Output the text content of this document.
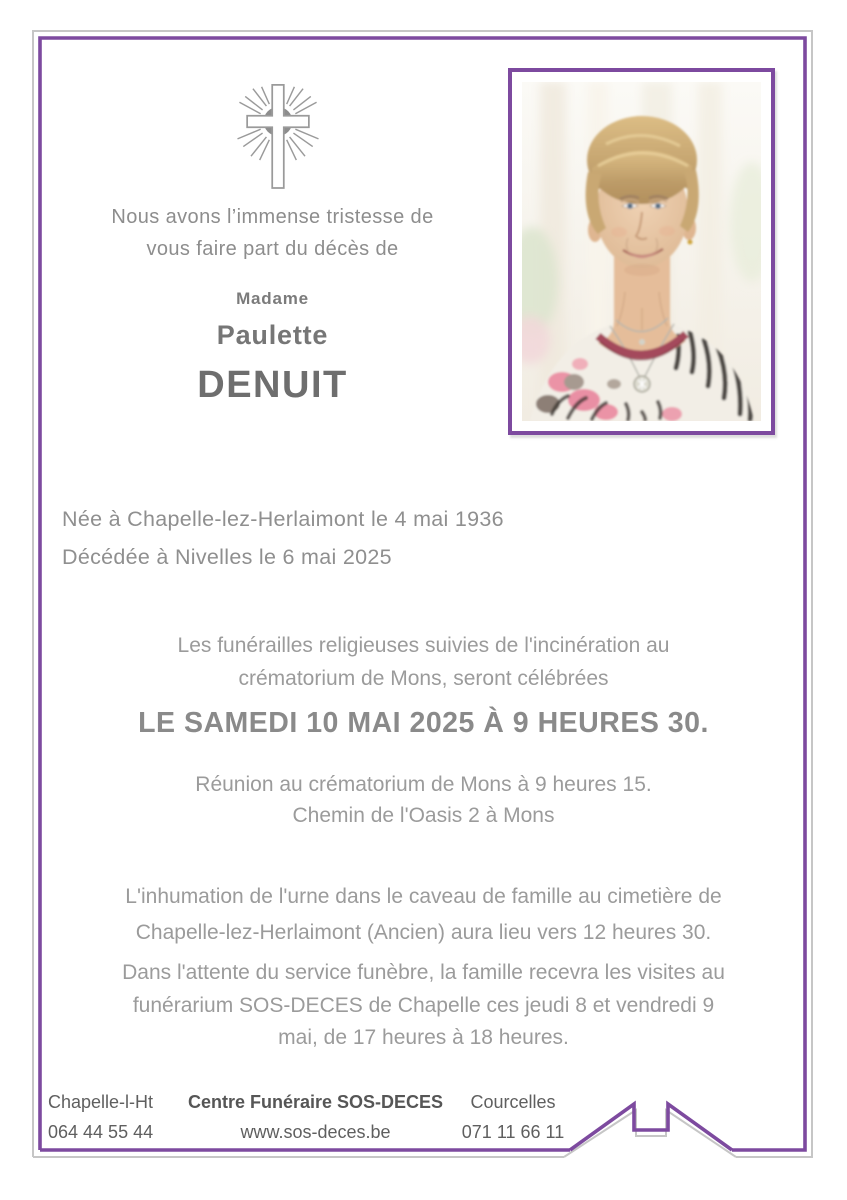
Nous avons l’immense tristesse de
vous faire part du décès de
Madame
Paulette
DENUIT
Née à Chapelle-lez-Herlaimont le 4 mai 1936
Décédée à Nivelles le 6 mai 2025
Les funérailles religieuses suivies de l'incinération au
crématorium de Mons, seront célébrées
LE SAMEDI 10 MAI 2025 À 9 HEURES 30.
Réunion au crématorium de Mons à 9 heures 15.
Chemin de l'Oasis 2 à Mons
L'inhumation de l'urne dans le caveau de famille au cimetière de
Chapelle-lez-Herlaimont (Ancien) aura lieu vers 12 heures 30.
Dans l'attente du service funèbre, la famille recevra les visites au
funérarium SOS-DECES de Chapelle ces jeudi 8 et vendredi 9
mai, de 17 heures à 18 heures.
Chapelle-l-Ht	Centre Funéraire SOS-DECES	Courcelles
064 44 55 44	www.sos-deces.be	071 11 66 11
